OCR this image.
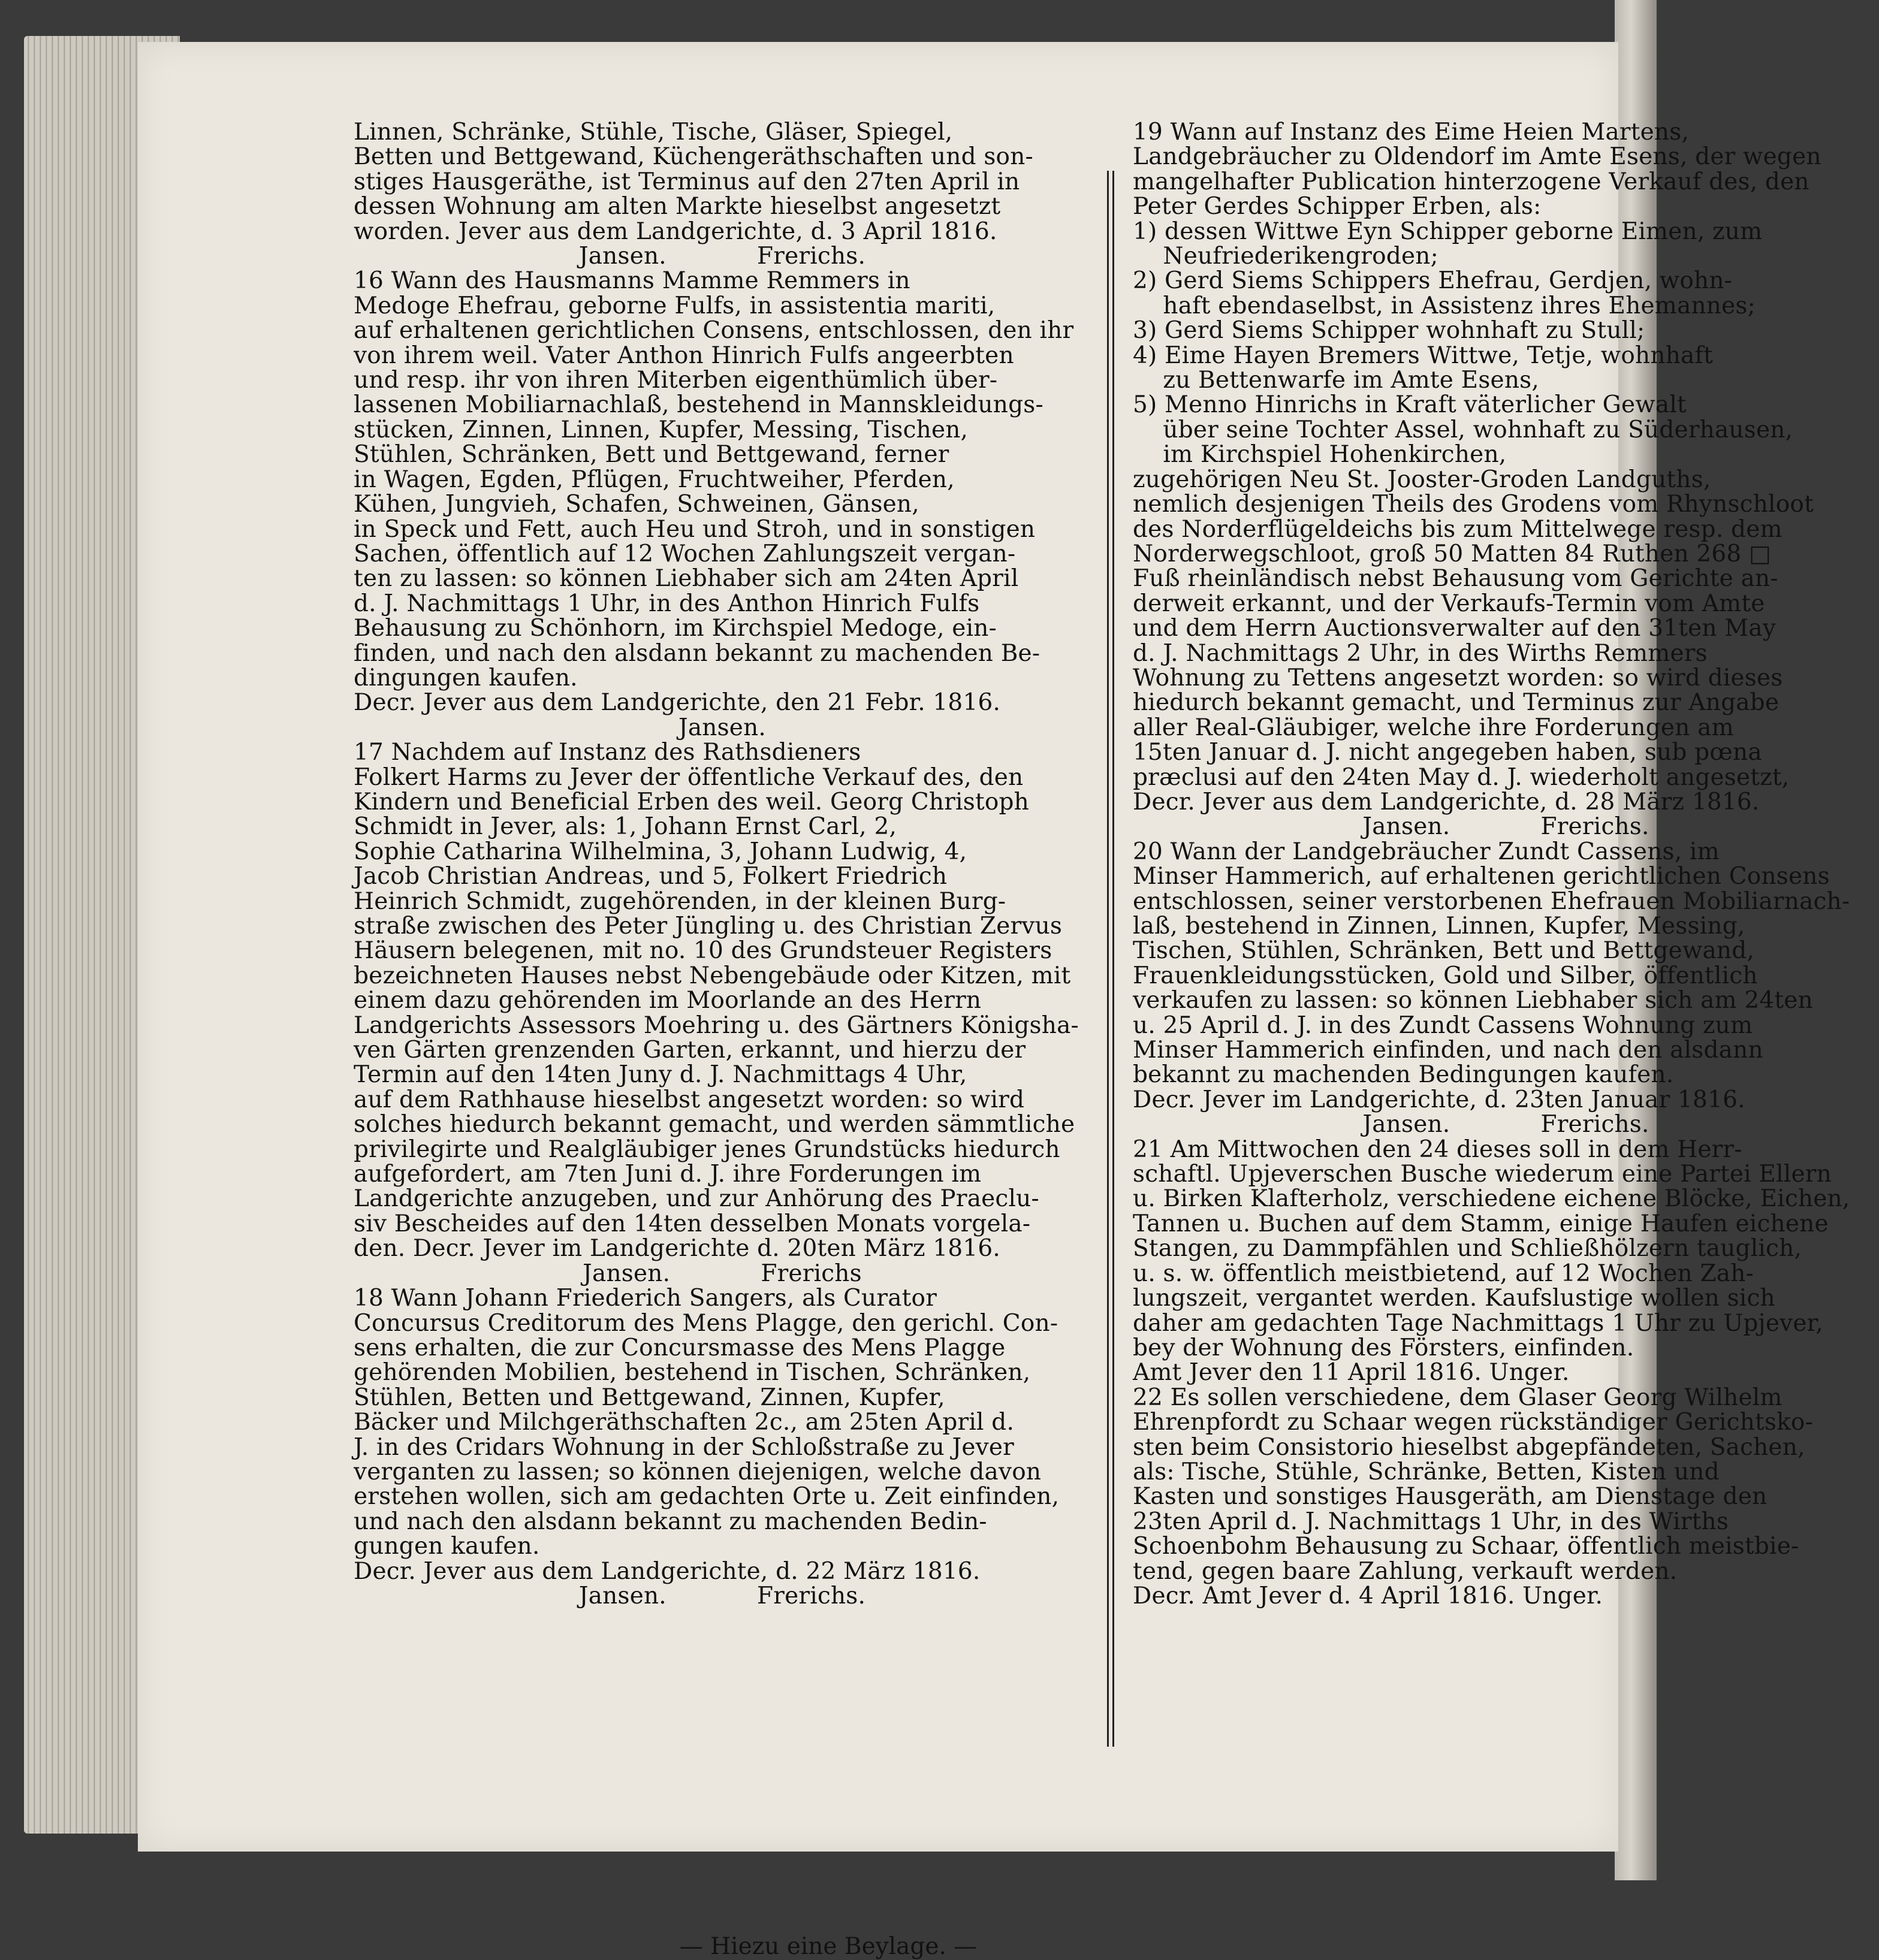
Linnen, Schränke, Stühle, Tische, Gläser, Spiegel,

Betten und Bettgewand, Küchengeräthschaften und son-

stiges Hausgeräthe, ist Terminus auf den 27ten April in

dessen Wohnung am alten Markte hieselbst angesetzt

worden. Jever aus dem Landgerichte, d. 3 April 1816.

Jansen.            Frerichs.

16 Wann des Hausmanns Mamme Remmers in

Medoge Ehefrau, geborne Fulfs, in assistentia mariti,

auf erhaltenen gerichtlichen Consens, entschlossen, den ihr

von ihrem weil. Vater Anthon Hinrich Fulfs angeerbten

und resp. ihr von ihren Miterben eigenthümlich über-

lassenen Mobiliarnachlaß, bestehend in Mannskleidungs-

stücken, Zinnen, Linnen, Kupfer, Messing, Tischen,

Stühlen, Schränken, Bett und Bettgewand, ferner

in Wagen, Egden, Pflügen, Fruchtweiher, Pferden,

Kühen, Jungvieh, Schafen, Schweinen, Gänsen,

in Speck und Fett, auch Heu und Stroh, und in sonstigen

Sachen, öffentlich auf 12 Wochen Zahlungszeit vergan-

ten zu lassen: so können Liebhaber sich am 24ten April

d. J. Nachmittags 1 Uhr, in des Anthon Hinrich Fulfs

Behausung zu Schönhorn, im Kirchspiel Medoge, ein-

finden, und nach den alsdann bekannt zu machenden Be-

dingungen kaufen.

Decr. Jever aus dem Landgerichte, den 21 Febr. 1816.

Jansen.

17 Nachdem auf Instanz des Rathsdieners

Folkert Harms zu Jever der öffentliche Verkauf des, den

Kindern und Beneficial Erben des weil. Georg Christoph

Schmidt in Jever, als: 1, Johann Ernst Carl, 2,

Sophie Catharina Wilhelmina, 3, Johann Ludwig, 4,

Jacob Christian Andreas, und 5, Folkert Friedrich

Heinrich Schmidt, zugehörenden, in der kleinen Burg-

straße zwischen des Peter Jüngling u. des Christian Zervus

Häusern belegenen, mit no. 10 des Grundsteuer Registers

bezeichneten Hauses nebst Nebengebäude oder Kitzen, mit

einem dazu gehörenden im Moorlande an des Herrn

Landgerichts Assessors Moehring u. des Gärtners Königsha-

ven Gärten grenzenden Garten, erkannt, und hierzu der

Termin auf den 14ten Juny d. J. Nachmittags 4 Uhr,

auf dem Rathhause hieselbst angesetzt worden: so wird

solches hiedurch bekannt gemacht, und werden sämmtliche

privilegirte und Realgläubiger jenes Grundstücks hiedurch

aufgefordert, am 7ten Juni d. J. ihre Forderungen im

Landgerichte anzugeben, und zur Anhörung des Praeclu-

siv Bescheides auf den 14ten desselben Monats vorgela-

den. Decr. Jever im Landgerichte d. 20ten März 1816.

Jansen.            Frerichs

18 Wann Johann Friederich Sangers, als Curator

Concursus Creditorum des Mens Plagge, den gerichl. Con-

sens erhalten, die zur Concursmasse des Mens Plagge

gehörenden Mobilien, bestehend in Tischen, Schränken,

Stühlen, Betten und Bettgewand, Zinnen, Kupfer,

Bäcker und Milchgeräthschaften 2c., am 25ten April d.

J. in des Cridars Wohnung in der Schloßstraße zu Jever

verganten zu lassen; so können diejenigen, welche davon

erstehen wollen, sich am gedachten Orte u. Zeit einfinden,

und nach den alsdann bekannt zu machenden Bedin-

gungen kaufen.

Decr. Jever aus dem Landgerichte, d. 22 März 1816.

Jansen.            Frerichs.

19 Wann auf Instanz des Eime Heien Martens,

Landgebräucher zu Oldendorf im Amte Esens, der wegen

mangelhafter Publication hinterzogene Verkauf des, den

Peter Gerdes Schipper Erben, als:

1) dessen Wittwe Eyn Schipper geborne Eimen, zum

Neufriederikengroden;

2) Gerd Siems Schippers Ehefrau, Gerdjen, wohn-

haft ebendaselbst, in Assistenz ihres Ehemannes;

3) Gerd Siems Schipper wohnhaft zu Stull;

4) Eime Hayen Bremers Wittwe, Tetje, wohnhaft

zu Bettenwarfe im Amte Esens,

5) Menno Hinrichs in Kraft väterlicher Gewalt

über seine Tochter Assel, wohnhaft zu Süderhausen,

im Kirchspiel Hohenkirchen,

zugehörigen Neu St. Jooster-Groden Landguths,

nemlich desjenigen Theils des Grodens vom Rhynschloot

des Norderflügeldeichs bis zum Mittelwege resp. dem

Norderwegschloot, groß 50 Matten 84 Ruthen 268 □

Fuß rheinländisch nebst Behausung vom Gerichte an-

derweit erkannt, und der Verkaufs-Termin vom Amte

und dem Herrn Auctionsverwalter auf den 31ten May

d. J. Nachmittags 2 Uhr, in des Wirths Remmers

Wohnung zu Tettens angesetzt worden: so wird dieses

hiedurch bekannt gemacht, und Terminus zur Angabe

aller Real-Gläubiger, welche ihre Forderungen am

15ten Januar d. J. nicht angegeben haben, sub pœna

præclusi auf den 24ten May d. J. wiederholt angesetzt,

Decr. Jever aus dem Landgerichte, d. 28 März 1816.

Jansen.            Frerichs.

20 Wann der Landgebräucher Zundt Cassens, im

Minser Hammerich, auf erhaltenen gerichtlichen Consens

entschlossen, seiner verstorbenen Ehefrauen Mobiliarnach-

laß, bestehend in Zinnen, Linnen, Kupfer, Messing,

Tischen, Stühlen, Schränken, Bett und Bettgewand,

Frauenkleidungsstücken, Gold und Silber, öffentlich

verkaufen zu lassen: so können Liebhaber sich am 24ten

u. 25 April d. J. in des Zundt Cassens Wohnung zum

Minser Hammerich einfinden, und nach den alsdann

bekannt zu machenden Bedingungen kaufen.

Decr. Jever im Landgerichte, d. 23ten Januar 1816.

Jansen.            Frerichs.

21 Am Mittwochen den 24 dieses soll in dem Herr-

schaftl. Upjeverschen Busche wiederum eine Partei Ellern

u. Birken Klafterholz, verschiedene eichene Blöcke, Eichen,

Tannen u. Buchen auf dem Stamm, einige Haufen eichene

Stangen, zu Dammpfählen und Schließhölzern tauglich,

u. s. w. öffentlich meistbietend, auf 12 Wochen Zah-

lungszeit, vergantet werden. Kaufslustige wollen sich

daher am gedachten Tage Nachmittags 1 Uhr zu Upjever,

bey der Wohnung des Försters, einfinden.

Amt Jever den 11 April 1816. Unger.

22 Es sollen verschiedene, dem Glaser Georg Wilhelm

Ehrenpfordt zu Schaar wegen rückständiger Gerichtsko-

sten beim Consistorio hieselbst abgepfändeten, Sachen,

als: Tische, Stühle, Schränke, Betten, Kisten und

Kasten und sonstiges Hausgeräth, am Dienstage den

23ten April d. J. Nachmittags 1 Uhr, in des Wirths

Schoenbohm Behausung zu Schaar, öffentlich meistbie-

tend, gegen baare Zahlung, verkauft werden.

Decr. Amt Jever d. 4 April 1816. Unger.

— Hiezu eine Beylage. —
